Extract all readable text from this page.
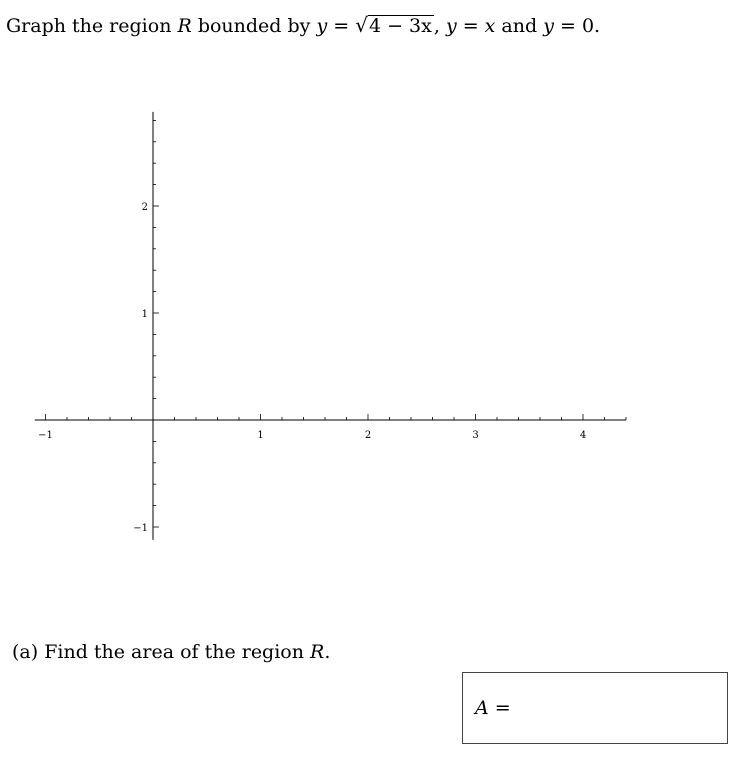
Graph the region R bounded by y = √4 − 3x , y = x and y = 0.
−1	1	2	3	4
−1
1
2
(a) Find the area of the region R.
A =
